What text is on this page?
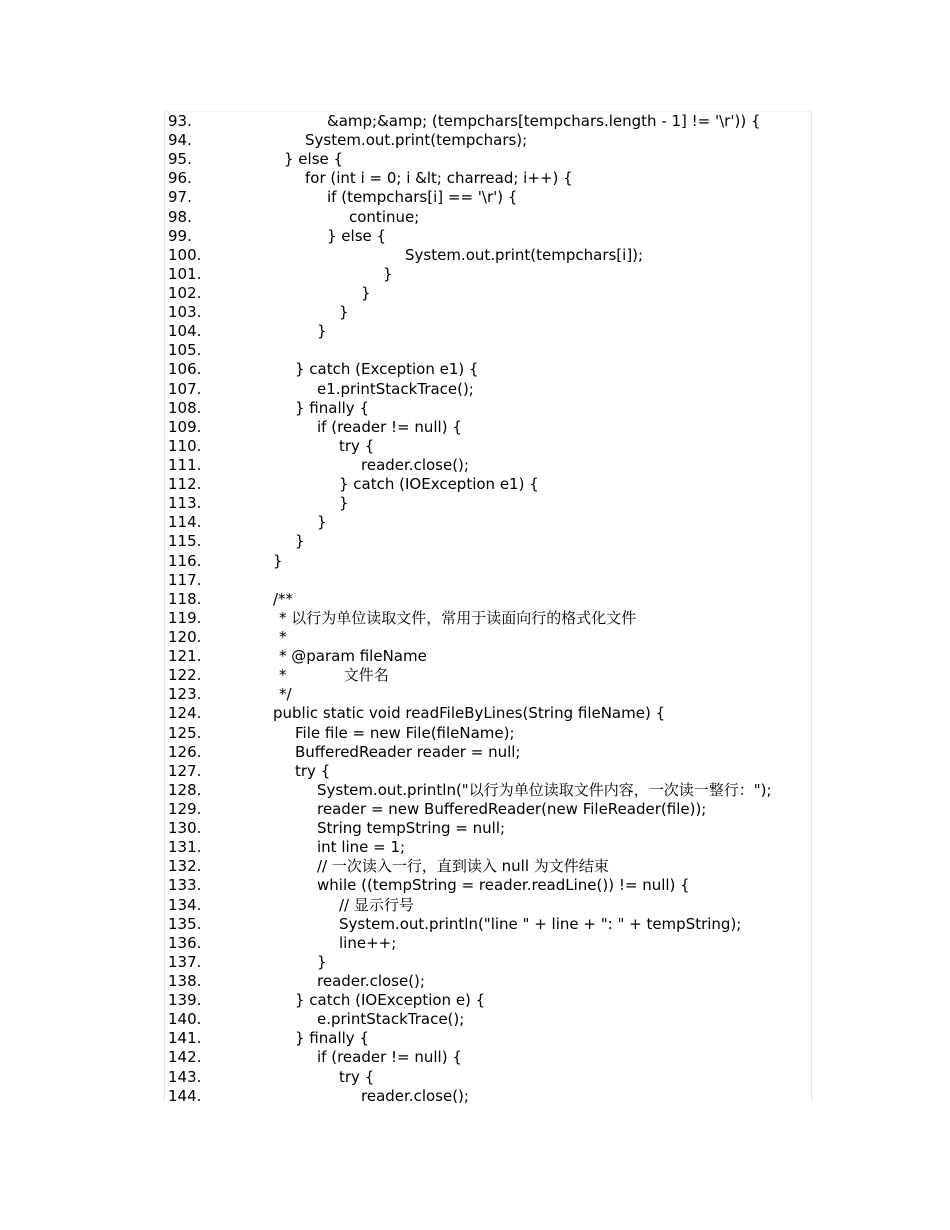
93.	&amp;&amp; (tempchars[tempchars.length - 1] != '\r')) {
94.	System.out.print(tempchars);
95.	} else {
96.	for (int i = 0; i &lt; charread; i++) {
97.	if (tempchars[i] == '\r') {
98.	continue;
99.	} else {
100.	System.out.print(tempchars[i]);
101.	}
102.	}
103.	}
104.	}
105.
106.	} catch (Exception e1) {
107.	e1.printStackTrace();
108.	} finally {
109.	if (reader != null) {
110.	try {
111.	reader.close();
112.	} catch (IOException e1) {
113.	}
114.	}
115.	}
116.	}
117.
118.	/**
119.	* 以行为单位读取文件，常用于读面向行的格式化文件
120.	*
121.	* @param fileName
122.	*            文件名
123.	*/
124.	public static void readFileByLines(String fileName) {
125.	File file = new File(fileName);
126.	BufferedReader reader = null;
127.	try {
128.	System.out.println("以行为单位读取文件内容，一次读一整行：");
129.	reader = new BufferedReader(new FileReader(file));
130.	String tempString = null;
131.	int line = 1;
132.	// 一次读入一行，直到读入 null 为文件结束
133.	while ((tempString = reader.readLine()) != null) {
134.	// 显示行号
135.	System.out.println("line " + line + ": " + tempString);
136.	line++;
137.	}
138.	reader.close();
139.	} catch (IOException e) {
140.	e.printStackTrace();
141.	} finally {
142.	if (reader != null) {
143.	try {
144.	reader.close();
